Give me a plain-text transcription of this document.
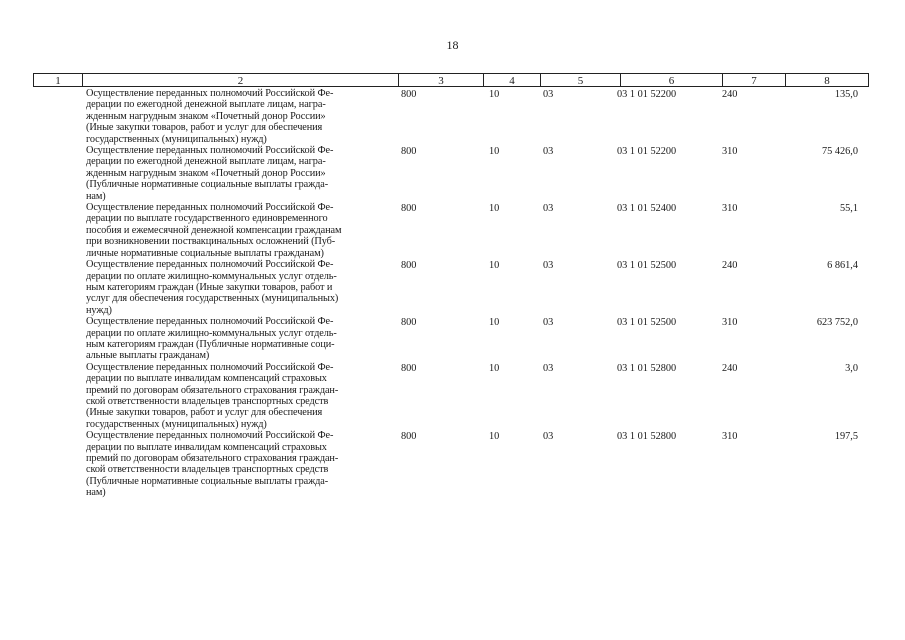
18
1	2	3	4	5	6	7	8
Осуществление переданных полномочий Российской Фе-
дерации по ежегодной денежной выплате лицам, награ-
жденным нагрудным знаком «Почетный донор России»
(Иные закупки товаров, работ и услуг для обеспечения
государственных (муниципальных) нужд)
800	10	03	03 1 01 52200	240	135,0
Осуществление переданных полномочий Российской Фе-
дерации по ежегодной денежной выплате лицам, награ-
жденным нагрудным знаком «Почетный донор России»
(Публичные нормативные социальные выплаты гражда-
нам)
800	10	03	03 1 01 52200	310	75 426,0
Осуществление переданных полномочий Российской Фе-
дерации по выплате государственного единовременного
пособия и ежемесячной денежной компенсации гражданам
при возникновении поствакцинальных осложнений (Пуб-
личные нормативные социальные выплаты гражданам)
800	10	03	03 1 01 52400	310	55,1
Осуществление переданных полномочий Российской Фе-
дерации по оплате жилищно-коммунальных услуг отдель-
ным категориям граждан (Иные закупки товаров, работ и
услуг для обеспечения государственных (муниципальных)
нужд)
800	10	03	03 1 01 52500	240	6 861,4
Осуществление переданных полномочий Российской Фе-
дерации по оплате жилищно-коммунальных услуг отдель-
ным категориям граждан (Публичные нормативные соци-
альные выплаты гражданам)
800	10	03	03 1 01 52500	310	623 752,0
Осуществление переданных полномочий Российской Фе-
дерации по выплате инвалидам компенсаций страховых
премий по договорам обязательного страхования граждан-
ской ответственности владельцев транспортных средств
(Иные закупки товаров, работ и услуг для обеспечения
государственных (муниципальных) нужд)
800	10	03	03 1 01 52800	240	3,0
Осуществление переданных полномочий Российской Фе-
дерации по выплате инвалидам компенсаций страховых
премий по договорам обязательного страхования граждан-
ской ответственности владельцев транспортных средств
(Публичные нормативные социальные выплаты гражда-
нам)
800	10	03	03 1 01 52800	310	197,5
